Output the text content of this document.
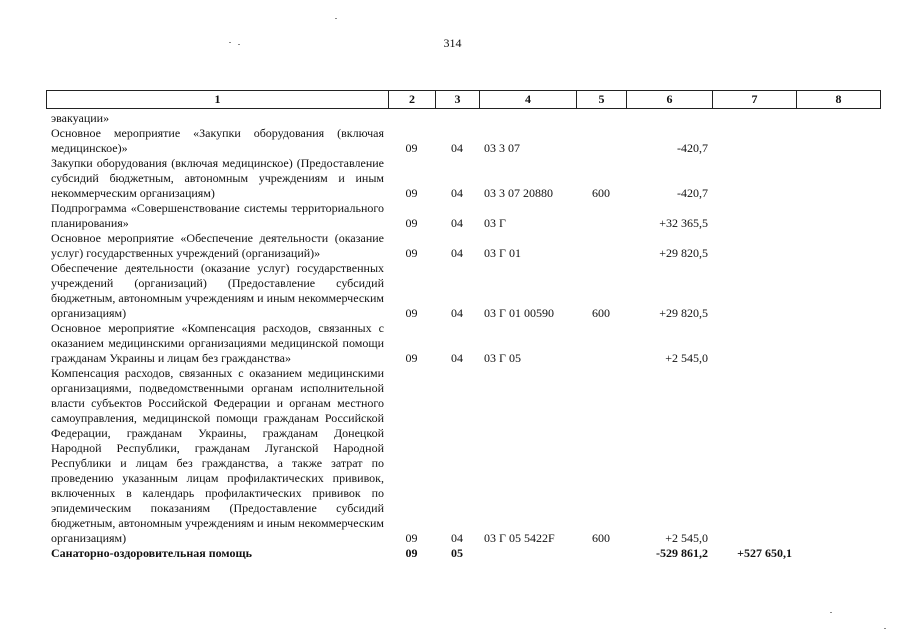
314
1	2	3	4	5	6	7	8
эвакуации»							
Основное мероприятие «Закупки оборудования (включая медицинское)»	09	04	03 3 07		-420,7		
Закупки оборудования (включая медицинское) (Предоставление субсидий бюджетным, автономным учреждениям и иным некоммерческим организациям)	09	04	03 3 07 20880	600	-420,7		
Подпрограмма «Совершенствование системы территориального планирования»	09	04	03 Г		+32 365,5		
Основное мероприятие «Обеспечение деятельности (оказание услуг) государственных учреждений (организаций)»	09	04	03 Г 01		+29 820,5		
Обеспечение деятельности (оказание услуг) государственных учреждений (организаций) (Предоставление субсидий бюджетным, автономным учреждениям и иным некоммерческим организациям)	09	04	03 Г 01 00590	600	+29 820,5		
Основное мероприятие «Компенсация расходов, связанных с оказанием медицинскими организациями медицинской помощи гражданам Украины и лицам без гражданства»	09	04	03 Г 05		+2 545,0		
Компенсация расходов, связанных с оказанием медицинскими организациями, подведомственными органам исполнительной власти субъектов Российской Федерации и органам местного самоуправления, медицинской помощи гражданам Российской Федерации, гражданам Украины, гражданам Донецкой Народной Республики, гражданам Луганской Народной Республики и лицам без гражданства, а также затрат по проведению указанным лицам профилактических прививок, включенных в календарь профилактических прививок по эпидемическим показаниям (Предоставление субсидий бюджетным, автономным учреждениям и иным некоммерческим организациям)	09	04	03 Г 05 5422F	600	+2 545,0		
Санаторно-оздоровительная помощь	09	05			-529 861,2	+527 650,1	
